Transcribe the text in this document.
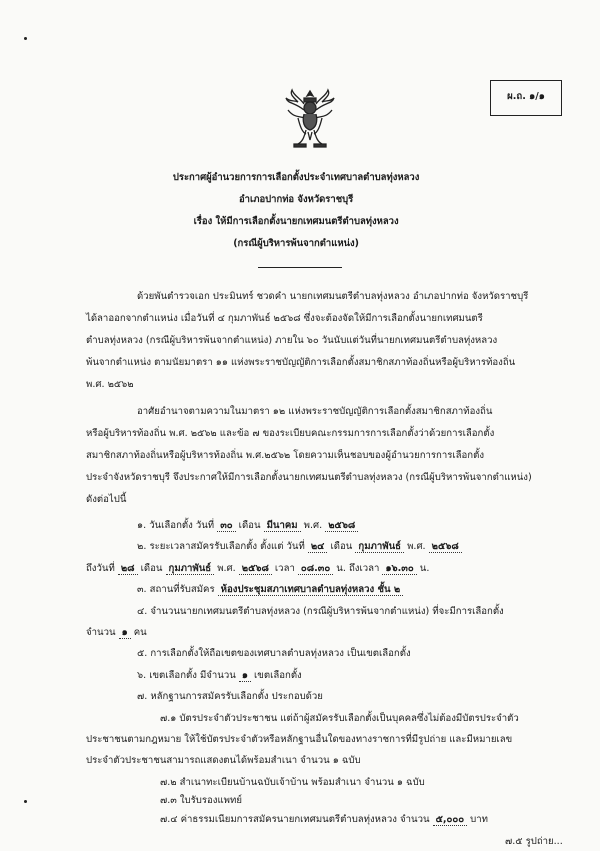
ผ.ถ. ๑/๑
ประกาศผู้อำนวยการการเลือกตั้งประจำเทศบาลตำบลทุ่งหลวง
อำเภอปากท่อ จังหวัดราชบุรี
เรื่อง ให้มีการเลือกตั้งนายกเทศมนตรีตำบลทุ่งหลวง
(กรณีผู้บริหารพ้นจากตำแหน่ง)
ด้วยพันตำรวจเอก ประมินทร์ ชวดคำ นายกเทศมนตรีตำบลทุ่งหลวง อำเภอปากท่อ จังหวัดราชบุรี
ได้ลาออกจากตำแหน่ง เมื่อวันที่ ๔ กุมภาพันธ์ ๒๕๖๘ ซึ่งจะต้องจัดให้มีการเลือกตั้งนายกเทศมนตรี
ตำบลทุ่งหลวง (กรณีผู้บริหารพ้นจากตำแหน่ง) ภายใน ๖๐ วันนับแต่วันที่นายกเทศมนตรีตำบลทุ่งหลวง
พ้นจากตำแหน่ง ตามนัยมาตรา ๑๑ แห่งพระราชบัญญัติการเลือกตั้งสมาชิกสภาท้องถิ่นหรือผู้บริหารท้องถิ่น
พ.ศ. ๒๕๖๒
อาศัยอำนาจตามความในมาตรา ๑๒ แห่งพระราชบัญญัติการเลือกตั้งสมาชิกสภาท้องถิ่น
หรือผู้บริหารท้องถิ่น พ.ศ. ๒๕๖๒ และข้อ ๗ ของระเบียบคณะกรรมการการเลือกตั้งว่าด้วยการเลือกตั้ง
สมาชิกสภาท้องถิ่นหรือผู้บริหารท้องถิ่น พ.ศ.๒๕๖๒ โดยความเห็นชอบของผู้อำนวยการการเลือกตั้ง
ประจำจังหวัดราชบุรี จึงประกาศให้มีการเลือกตั้งนายกเทศมนตรีตำบลทุ่งหลวง (กรณีผู้บริหารพ้นจากตำแหน่ง)
ดังต่อไปนี้
๑. วันเลือกตั้ง วันที่ ๓๐ เดือน มีนาคม พ.ศ. ๒๕๖๘
๒. ระยะเวลาสมัครรับเลือกตั้ง ตั้งแต่ วันที่ ๒๔ เดือน กุมภาพันธ์ พ.ศ. ๒๕๖๘
ถึงวันที่ ๒๘ เดือน กุมภาพันธ์ พ.ศ. ๒๕๖๘ เวลา ๐๘.๓๐ น. ถึงเวลา ๑๖.๓๐ น.
๓. สถานที่รับสมัคร ห้องประชุมสภาเทศบาลตำบลทุ่งหลวง ชั้น ๒
๔. จำนวนนายกเทศมนตรีตำบลทุ่งหลวง (กรณีผู้บริหารพ้นจากตำแหน่ง) ที่จะมีการเลือกตั้ง
จำนวน ๑ คน
๕. การเลือกตั้งให้ถือเขตของเทศบาลตำบลทุ่งหลวง เป็นเขตเลือกตั้ง
๖. เขตเลือกตั้ง มีจำนวน ๑ เขตเลือกตั้ง
๗. หลักฐานการสมัครรับเลือกตั้ง ประกอบด้วย
๗.๑ บัตรประจำตัวประชาชน แต่ถ้าผู้สมัครรับเลือกตั้งเป็นบุคคลซึ่งไม่ต้องมีบัตรประจำตัว
ประชาชนตามกฎหมาย ให้ใช้บัตรประจำตัวหรือหลักฐานอื่นใดของทางราชการที่มีรูปถ่าย และมีหมายเลข
ประจำตัวประชาชนสามารถแสดงตนได้พร้อมสำเนา จำนวน ๑ ฉบับ
๗.๒ สำเนาทะเบียนบ้านฉบับเจ้าบ้าน พร้อมสำเนา จำนวน ๑ ฉบับ
๗.๓ ใบรับรองแพทย์
๗.๔ ค่าธรรมเนียมการสมัครนายกเทศมนตรีตำบลทุ่งหลวง จำนวน ๕,๐๐๐ บาท
๗.๕ รูปถ่าย...
